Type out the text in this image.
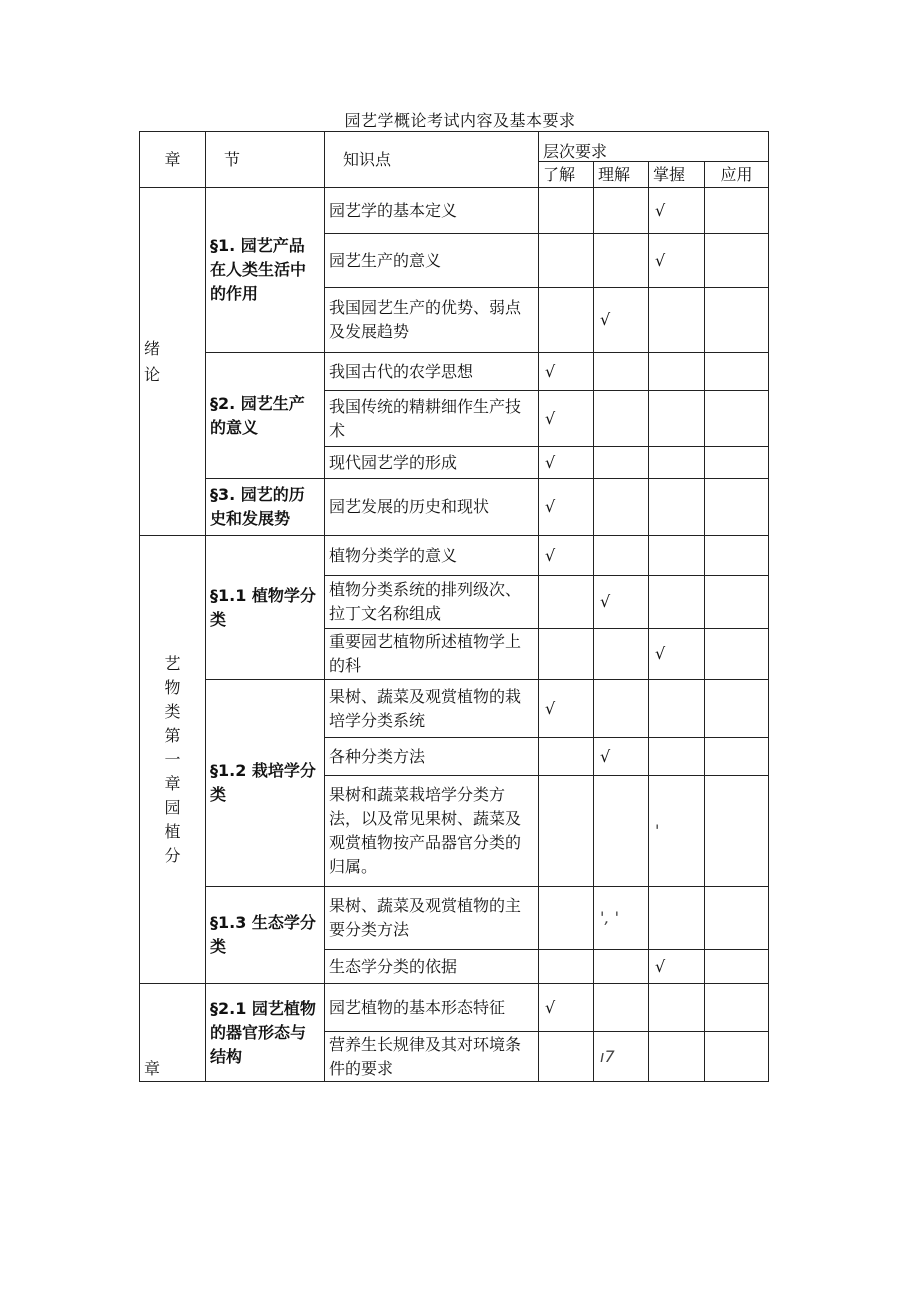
园艺学概论考试内容及基本要求
章	节	知识点	层次要求			
			了解	理解	掌握	应用

绪论	§1. 园艺产品在人类生活中的作用	园艺学的基本定义			√	
		园艺生产的意义			√	
		我国园艺生产的优势、弱点及发展趋势		√		
	§2. 园艺生产的意义	我国古代的农学思想	√			
		我国传统的精耕细作生产技术	√			
		现代园艺学的形成	√			
	§3. 园艺的历史和发展势	园艺发展的历史和现状	√			

艺物类第一章园植分	§1.1 植物学分类	植物分类学的意义	√			
		植物分类系统的排列级次、拉丁文名称组成		√		
		重要园艺植物所述植物学上的科			√	
	§1.2 栽培学分类	果树、蔬菜及观赏植物的栽培学分类系统	√			
		各种分类方法		√		
		果树和蔬菜栽培学分类方法，以及常见果树、蔬菜及观赏植物按产品器官分类的归属。			'	
	§1.3 生态学分类	果树、蔬菜及观赏植物的主要分类方法		', '		
		生态学分类的依据			√	

章	§2.1 园艺植物的器官形态与结构	园艺植物的基本形态特征	√			
		营养生长规律及其对环境条件的要求		ı7		
